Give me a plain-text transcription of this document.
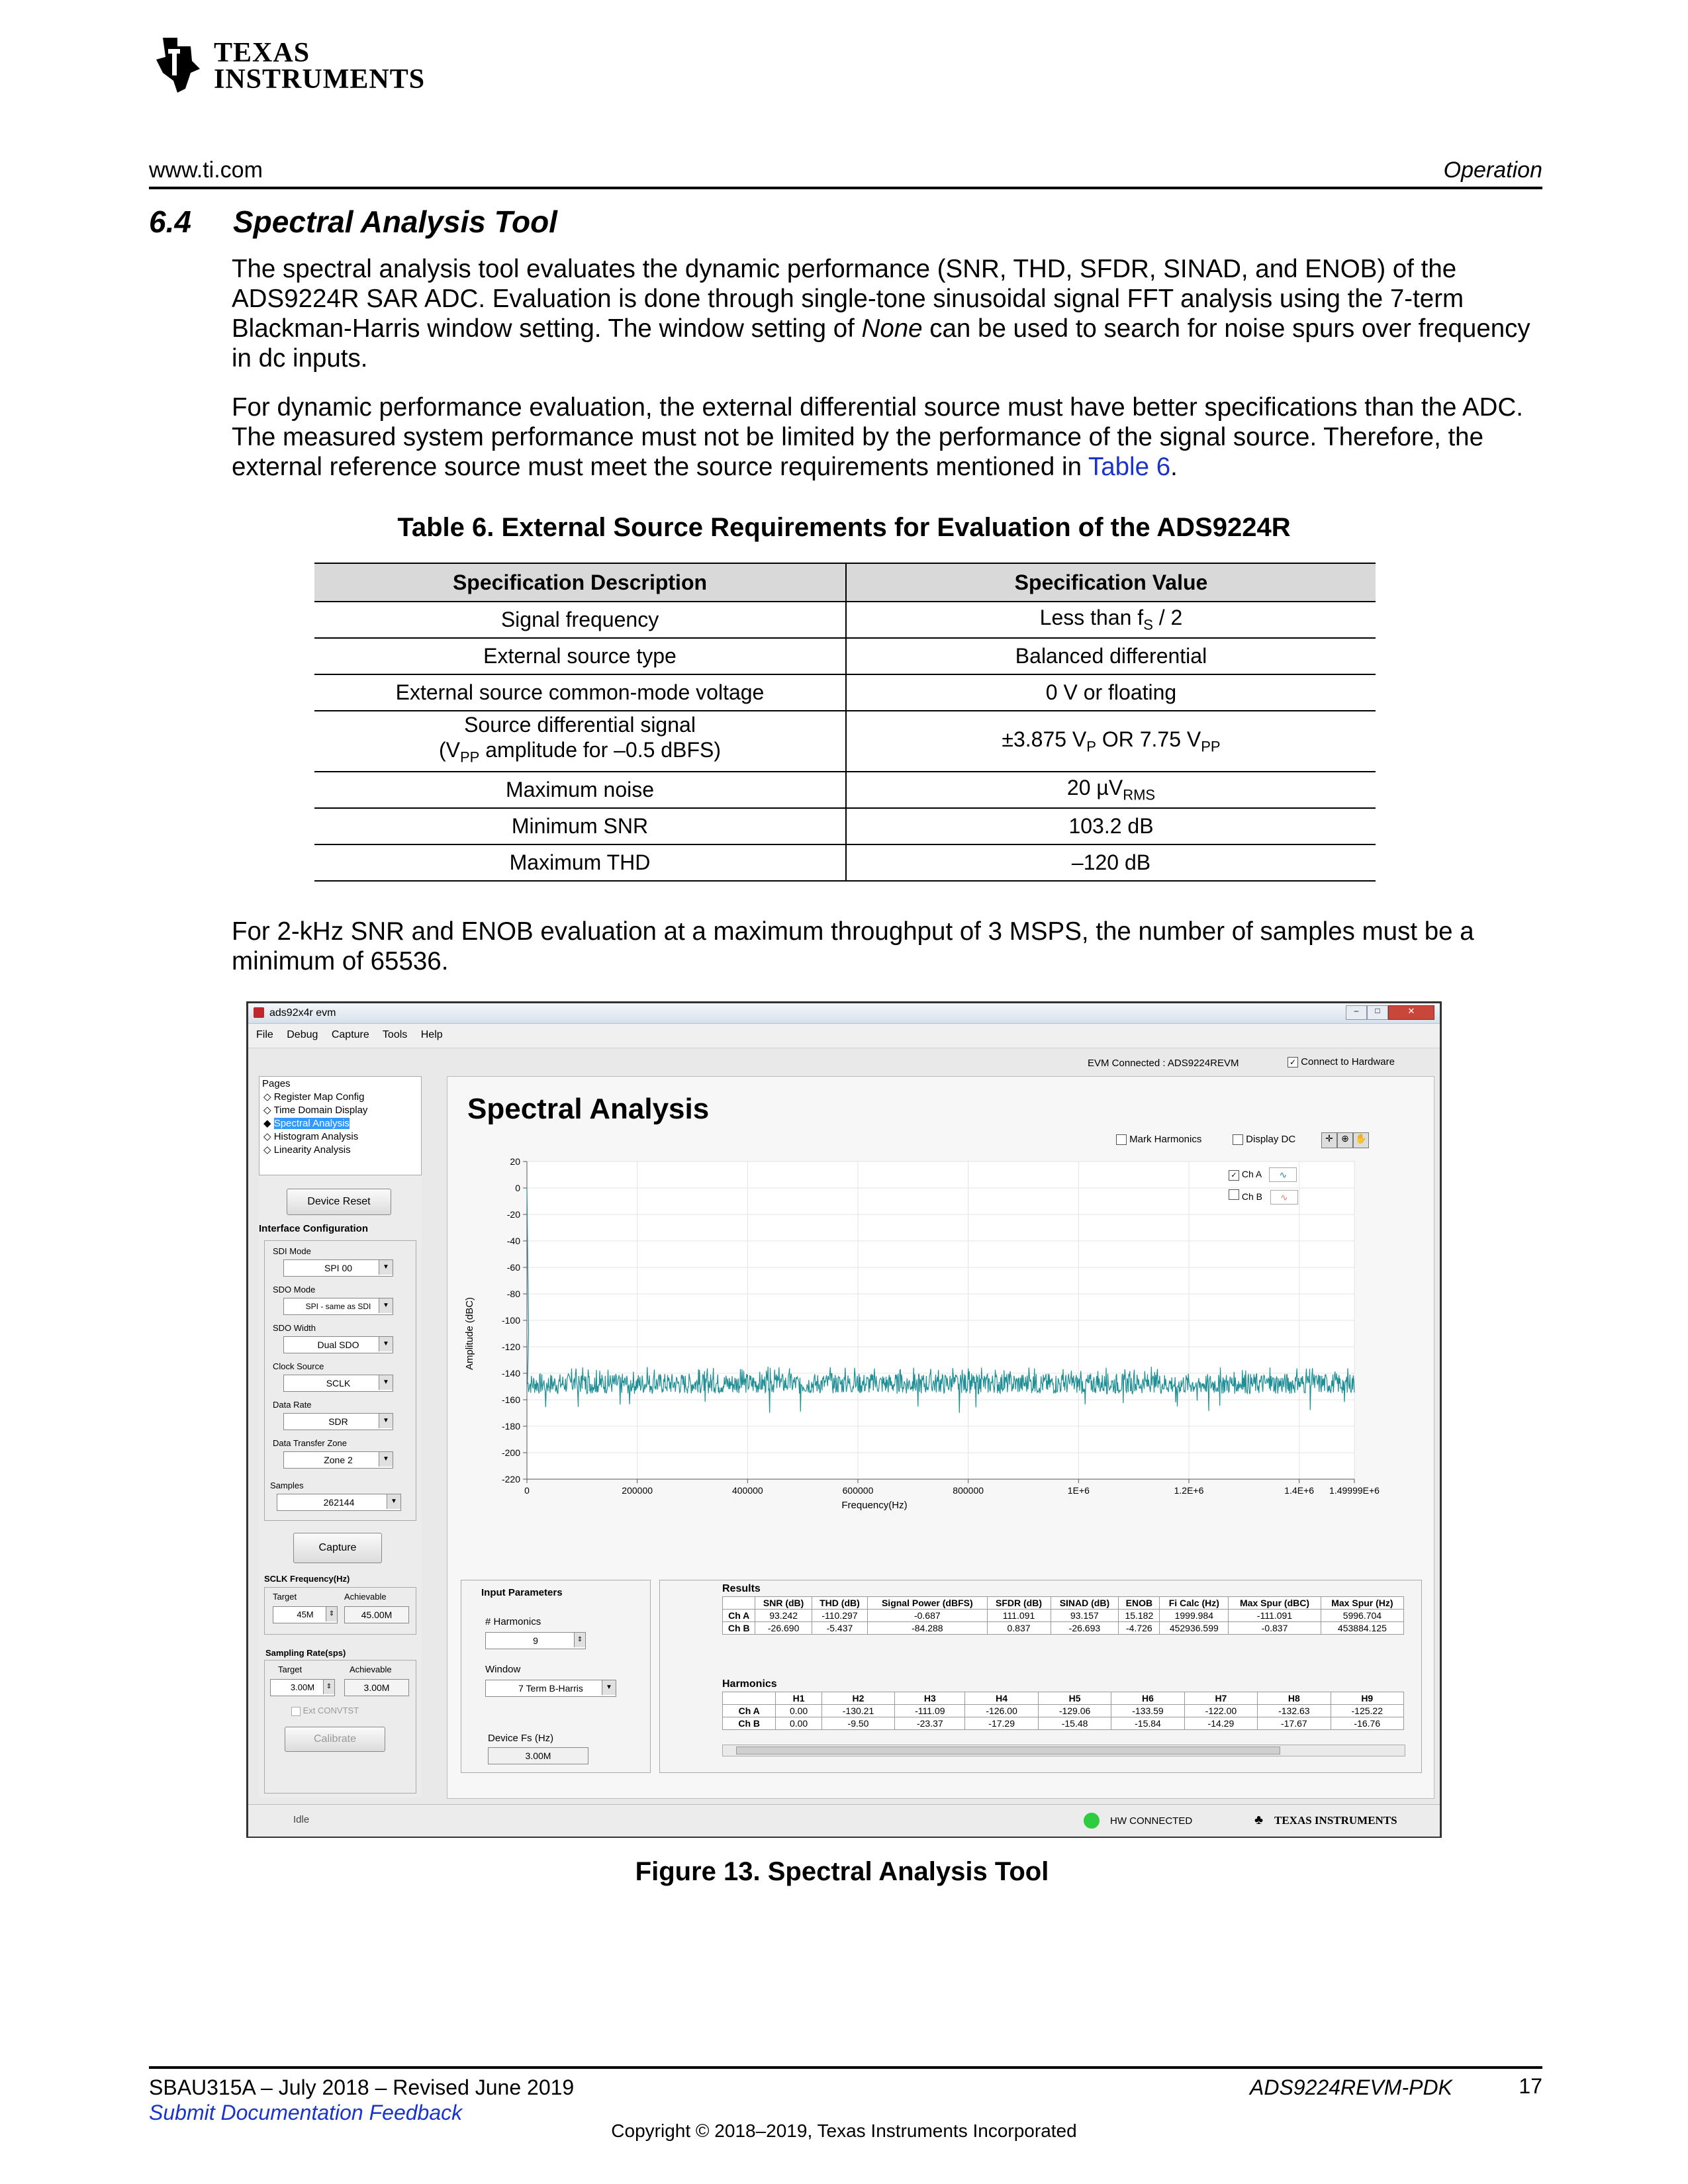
TEXAS
INSTRUMENTS
www.ti.com	Operation
6.4 Spectral Analysis Tool
The spectral analysis tool evaluates the dynamic performance (SNR, THD, SFDR, SINAD, and ENOB) of the ADS9224R SAR ADC. Evaluation is done through single-tone sinusoidal signal FFT analysis using the 7-term Blackman-Harris window setting. The window setting of None can be used to search for noise spurs over frequency in dc inputs.
For dynamic performance evaluation, the external differential source must have better specifications than the ADC. The measured system performance must not be limited by the performance of the signal source. Therefore, the external reference source must meet the source requirements mentioned in Table 6.
Table 6. External Source Requirements for Evaluation of the ADS9224R
Specification Description	Specification Value
Signal frequency	Less than $f_S / 2$
External source type	Balanced differential
External source common-mode voltage	0 V or floating
Source differential signal
($V_{PP}$ amplitude for –0.5 dBFS)	±3.875 $V_P$ OR 7.75 $V_{PP}$
Maximum noise	20 µV$_{RMS}$
Minimum SNR	103.2 dB
Maximum THD	–120 dB
For 2-kHz SNR and ENOB evaluation at a maximum throughput of 3 MSPS, the number of samples must be a minimum of 65536.
ads92x4r evm	–	□	✕
File Debug Capture Tools Help
EVM Connected : ADS9224REVM	✓ Connect to Hardware
Pages
◇ Register Map Config
◇ Time Domain Display
◆ Spectral Analysis
◇ Histogram Analysis
◇ Linearity Analysis
Device Reset
Interface Configuration
SDI Mode
SPI 00	▼
SDO Mode
SPI - same as SDI	▼
SDO Width
Dual SDO	▼
Clock Source
SCLK	▼
Data Rate
SDR	▼
Data Transfer Zone
Zone 2	▼
Samples
262144	▼
Capture
SCLK Frequency(Hz)
Target	Achievable
45M	⇕	45.00M
Sampling Rate(sps)
Target	Achievable
3.00M	⇕	3.00M
Ext CONVTST
Calibrate
Spectral Analysis
Mark Harmonics	Display DC	✛ ⊕ ✋
20
0
-20
-40
-60
-80
-100
-120
-140
-160
-180
-200
-220
0	200000	400000	600000	800000	1E+6	1.2E+6	1.4E+6 1.49999E+6
Frequency(Hz)
Amplitude (dBC)
✓ Ch A ∿
Ch B ∿
Input Parameters
# Harmonics
9	⇕
Window
7 Term B-Harris	▼
Device Fs (Hz)
3.00M
Results
	SNR (dB)	THD (dB)	Signal Power (dBFS)	SFDR (dB)	SINAD (dB)	ENOB	Fi Calc (Hz)	Max Spur (dBC)	Max Spur (Hz)
Ch A	93.242	-110.297	-0.687	111.091	93.157	15.182	1999.984	-111.091	5996.704
Ch B	-26.690	-5.437	-84.288	0.837	-26.693	-4.726	452936.599	-0.837	453884.125
Harmonics
	H1	H2	H3	H4	H5	H6	H7	H8	H9
Ch A	0.00	-130.21	-111.09	-126.00	-129.06	-133.59	-122.00	-132.63	-125.22
Ch B	0.00	-9.50	-23.37	-17.29	-15.48	-15.84	-14.29	-17.67	-16.76
Idle	HW CONNECTED	♣ TEXAS INSTRUMENTS
Figure 13. Spectral Analysis Tool
SBAU315A – July 2018 – Revised June 2019
Submit Documentation Feedback
ADS9224REVM-PDK	17
Copyright © 2018–2019, Texas Instruments Incorporated
